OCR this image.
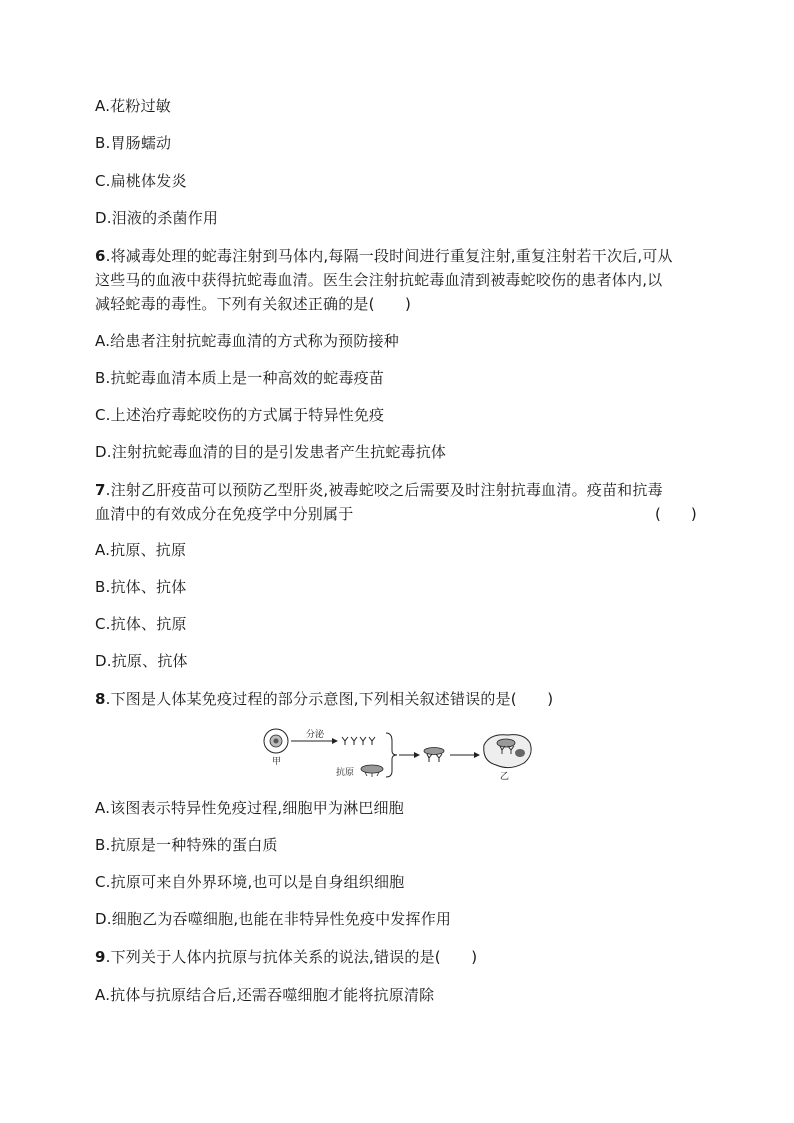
A.花粉过敏
B.胃肠蠕动
C.扁桃体发炎
D.泪液的杀菌作用
6.将减毒处理的蛇毒注射到马体内,每隔一段时间进行重复注射,重复注射若干次后,可从
这些马的血液中获得抗蛇毒血清。医生会注射抗蛇毒血清到被毒蛇咬伤的患者体内,以
减轻蛇毒的毒性。下列有关叙述正确的是(　　)
A.给患者注射抗蛇毒血清的方式称为预防接种
B.抗蛇毒血清本质上是一种高效的蛇毒疫苗
C.上述治疗毒蛇咬伤的方式属于特异性免疫
D.注射抗蛇毒血清的目的是引发患者产生抗蛇毒抗体
7.注射乙肝疫苗可以预防乙型肝炎,被毒蛇咬之后需要及时注射抗毒血清。疫苗和抗毒
血清中的有效成分在免疫学中分别属于	(　　)
A.抗原、抗原
B.抗体、抗体
C.抗体、抗原
D.抗原、抗体
8.下图是人体某免疫过程的部分示意图,下列相关叙述错误的是(　　)
甲
分泌
抗原	乙
A.该图表示特异性免疫过程,细胞甲为淋巴细胞
B.抗原是一种特殊的蛋白质
C.抗原可来自外界环境,也可以是自身组织细胞
D.细胞乙为吞噬细胞,也能在非特异性免疫中发挥作用
9.下列关于人体内抗原与抗体关系的说法,错误的是(　　)
A.抗体与抗原结合后,还需吞噬细胞才能将抗原清除
